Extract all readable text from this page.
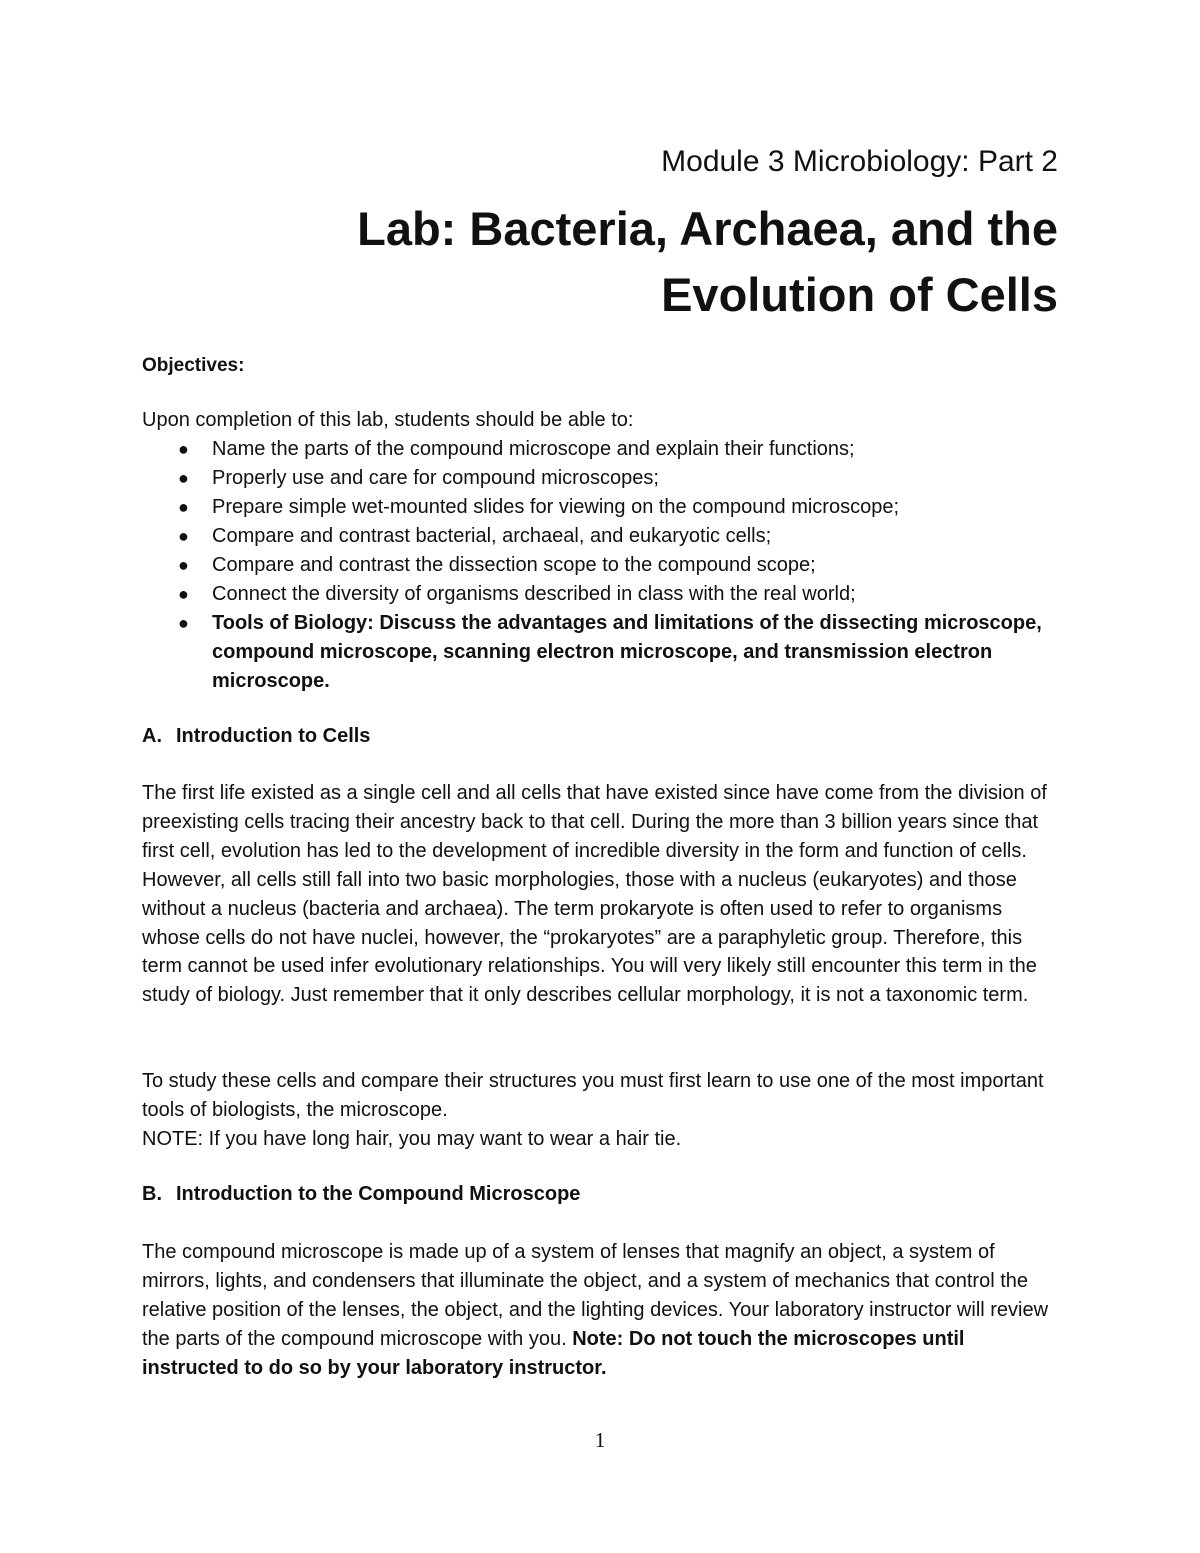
Module 3 Microbiology: Part 2
Lab: Bacteria, Archaea, and the
Evolution of Cells
Objectives:
Upon completion of this lab, students should be able to:
● Name the parts of the compound microscope and explain their functions;
● Properly use and care for compound microscopes;
● Prepare simple wet-mounted slides for viewing on the compound microscope;
● Compare and contrast bacterial, archaeal, and eukaryotic cells;
● Compare and contrast the dissection scope to the compound scope;
● Connect the diversity of organisms described in class with the real world;
● Tools of Biology: Discuss the advantages and limitations of the dissecting microscope, compound microscope, scanning electron microscope, and transmission electron microscope.
A. Introduction to Cells

The first life existed as a single cell and all cells that have existed since have come from the division of preexisting cells tracing their ancestry back to that cell. During the more than 3 billion years since that first cell, evolution has led to the development of incredible diversity in the form and function of cells. However, all cells still fall into two basic morphologies, those with a nucleus (eukaryotes) and those without a nucleus (bacteria and archaea). The term prokaryote is often used to refer to organisms whose cells do not have nuclei, however, the “prokaryotes” are a paraphyletic group. Therefore, this term cannot be used infer evolutionary relationships. You will very likely still encounter this term in the study of biology. Just remember that it only describes cellular morphology, it is not a taxonomic term.

To study these cells and compare their structures you must first learn to use one of the most important tools of biologists, the microscope.

NOTE: If you have long hair, you may want to wear a hair tie.

B. Introduction to the Compound Microscope

The compound microscope is made up of a system of lenses that magnify an object, a system of mirrors, lights, and condensers that illuminate the object, and a system of mechanics that control the relative position of the lenses, the object, and the lighting devices. Your laboratory instructor will review the parts of the compound microscope with you. Note: Do not touch the microscopes until instructed to do so by your laboratory instructor.

1
